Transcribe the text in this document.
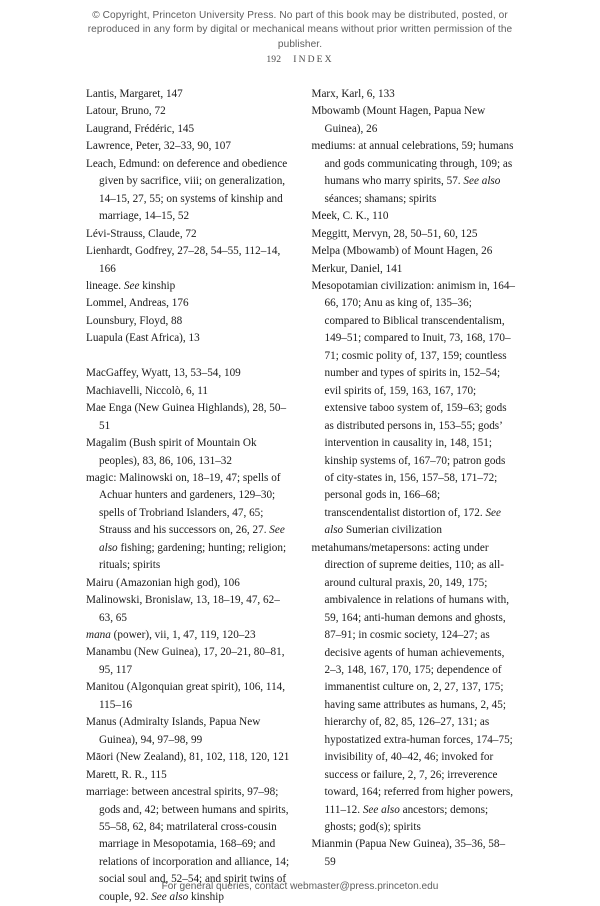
© Copyright, Princeton University Press. No part of this book may be distributed, posted, or reproduced in any form by digital or mechanical means without prior written permission of the publisher.
192 INDEX

Lantis, Margaret, 147

Latour, Bruno, 72

Laugrand, Frédéric, 145

Lawrence, Peter, 32–33, 90, 107

Leach, Edmund: on deference and obedience given by sacrifice, viii; on generalization, 14–15, 27, 55; on systems of kinship and marriage, 14–15, 52

Lévi-Strauss, Claude, 72

Lienhardt, Godfrey, 27–28, 54–55, 112–14, 166

lineage. See kinship

Lommel, Andreas, 176

Lounsbury, Floyd, 88

Luapula (East Africa), 13

MacGaffey, Wyatt, 13, 53–54, 109

Machiavelli, Niccolò, 6, 11

Mae Enga (New Guinea Highlands), 28, 50–51

Magalim (Bush spirit of Mountain Ok peoples), 83, 86, 106, 131–32

magic: Malinowski on, 18–19, 47; spells of Achuar hunters and gardeners, 129–30; spells of Trobriand Islanders, 47, 65; Strauss and his successors on, 26, 27. See also fishing; gardening; hunting; religion; rituals; spirits

Mairu (Amazonian high god), 106

Malinowski, Bronislaw, 13, 18–19, 47, 62–63, 65

mana (power), vii, 1, 47, 119, 120–23

Manambu (New Guinea), 17, 20–21, 80–81, 95, 117

Manitou (Algonquian great spirit), 106, 114, 115–16

Manus (Admiralty Islands, Papua New Guinea), 94, 97–98, 99

Māori (New Zealand), 81, 102, 118, 120, 121

Marett, R. R., 115

marriage: between ancestral spirits, 97–98; gods and, 42; between humans and spirits, 55–58, 62, 84; matrilateral cross-cousin marriage in Mesopotamia, 168–69; and relations of incorporation and alliance, 14; social soul and, 52–54; and spirit twins of couple, 92. See also kinship

Marx, Karl, 6, 133

Mbowamb (Mount Hagen, Papua New Guinea), 26

mediums: at annual celebrations, 59; humans and gods communicating through, 109; as humans who marry spirits, 57. See also séances; shamans; spirits

Meek, C. K., 110

Meggitt, Mervyn, 28, 50–51, 60, 125

Melpa (Mbowamb) of Mount Hagen, 26

Merkur, Daniel, 141

Mesopotamian civilization: animism in, 164–66, 170; Anu as king of, 135–36; compared to Biblical transcendentalism, 149–51; compared to Inuit, 73, 168, 170–71; cosmic polity of, 137, 159; countless number and types of spirits in, 152–54; evil spirits of, 159, 163, 167, 170; extensive taboo system of, 159–63; gods as distributed persons in, 153–55; gods’ intervention in causality in, 148, 151; kinship systems of, 167–70; patron gods of city-states in, 156, 157–58, 171–72; personal gods in, 166–68; transcendentalist distortion of, 172. See also Sumerian civilization

metahumans/metapersons: acting under direction of supreme deities, 110; as all-around cultural praxis, 20, 149, 175; ambivalence in relations of humans with, 59, 164; anti-human demons and ghosts, 87–91; in cosmic society, 124–27; as decisive agents of human achievements, 2–3, 148, 167, 170, 175; dependence of immanentist culture on, 2, 27, 137, 175; having same attributes as humans, 2, 45; hierarchy of, 82, 85, 126–27, 131; as hypostatized extra-human forces, 174–75; invisibility of, 40–42, 46; invoked for success or failure, 2, 7, 26; irreverence toward, 164; referred from higher powers, 111–12. See also ancestors; demons; ghosts; god(s); spirits

Mianmin (Papua New Guinea), 35–36, 58–59

For general queries, contact webmaster@press.princeton.edu
